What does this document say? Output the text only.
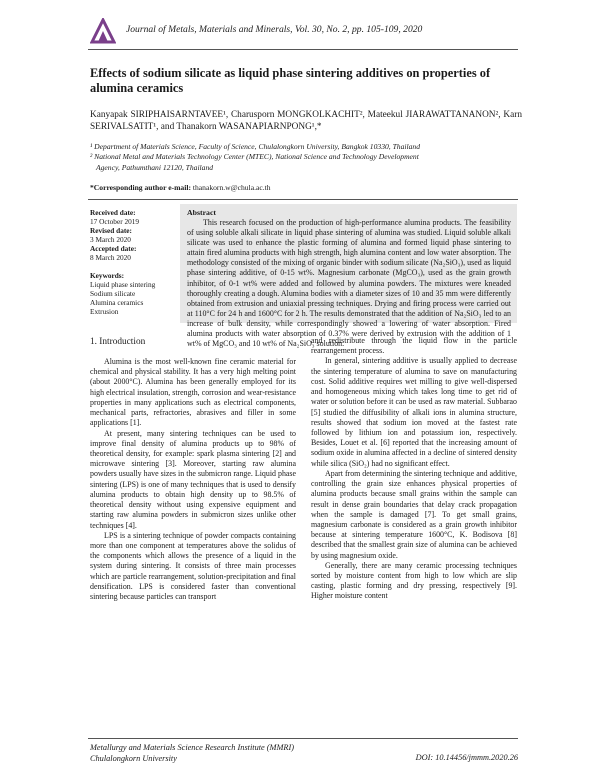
Journal of Metals, Materials and Minerals, Vol. 30, No. 2, pp. 105-109, 2020
Effects of sodium silicate as liquid phase sintering additives on properties of alumina ceramics
Kanyapak SIRIPHAISARNTAVEE¹, Charusporn MONGKOLKACHIT², Mateekul JIARAWATTANANON², Karn SERIVALSATIT¹, and Thanakorn WASANAPIARNPONG¹,*

¹ Department of Materials Science, Faculty of Science, Chulalongkorn University, Bangkok 10330, Thailand

² National Metal and Materials Technology Center (MTEC), National Science and Technology Development

Agency, Pathumthani 12120, Thailand

*Corresponding author e-mail: thanakorn.w@chula.ac.th
Received date:
17 October 2019
Revised date:
3 March 2020
Accepted date:
8 March 2020
Keywords:
Liquid phase sintering
Sodium silicate
Alumina ceramics
Extrusion
Abstract
This research focused on the production of high-performance alumina products. The feasibility of using soluble alkali silicate in liquid phase sintering of alumina was studied. Liquid soluble alkali silicate was used to enhance the plastic forming of alumina and formed liquid phase sintering to attain fired alumina products with high strength, high alumina content and low water absorption. The methodology consisted of the mixing of organic binder with sodium silicate (Na₂SiO₃), used as liquid phase sintering additive, of 0-15 wt%. Magnesium carbonate (MgCO₃), used as the grain growth inhibitor, of 0-1 wt% were added and followed by alumina powders. The mixtures were kneaded thoroughly creating a dough. Alumina bodies with a diameter sizes of 10 and 35 mm were differently obtained from extrusion and uniaxial pressing techniques. Drying and firing process were carried out at 110°C for 24 h and 1600°C for 2 h. The results demonstrated that the addition of Na₂SiO₃ led to an increase of bulk density, while correspondingly showed a lowering of water absorption. Fired alumina products with water absorption of 0.37% were derived by extrusion with the addition of 1 wt% of MgCO₃ and 10 wt% of Na₂SiO₃ solution.
1. Introduction

Alumina is the most well-known fine ceramic material for chemical and physical stability. It has a very high melting point (about 2000°C). Alumina has been generally employed for its high electrical insulation, strength, corrosion and wear-resistance properties in many applications such as electrical components, mechanical parts, refractories, abrasives and filler in some applications [1].

At present, many sintering techniques can be used to improve final density of alumina products up to 98% of theoretical density, for example: spark plasma sintering [2] and microwave sintering [3]. Moreover, starting raw alumina powders usually have sizes in the submicron range. Liquid phase sintering (LPS) is one of many techniques that is used to densify alumina products to obtain high density up to 98.5% of theoretical density without using expensive equipment and starting raw alumina powders in submicron sizes unlike other techniques [4].

LPS is a sintering technique of powder compacts containing more than one component at temperatures above the solidus of the components which allows the presence of a liquid in the system during sintering. It consists of three main processes which are particle rearrangement, solution-precipitation and final densification. LPS is considered faster than conventional sintering because particles can transport

and redistribute through the liquid flow in the particle rearrangement process.

In general, sintering additive is usually applied to decrease the sintering temperature of alumina to save on manufacturing cost. Solid additive requires wet milling to give well-dispersed and homogeneous mixing which takes long time to get rid of water or solution before it can be used as raw material. Subbarao [5] studied the diffusibility of alkali ions in alumina structure, results showed that sodium ion moved at the fastest rate followed by lithium ion and potassium ion, respectively. Besides, Louet et al. [6] reported that the increasing amount of sodium oxide in alumina affected in a decline of sintered density while silica (SiO₂) had no significant effect.

Apart from determining the sintering technique and additive, controlling the grain size enhances physical properties of alumina products because small grains within the sample can result in dense grain boundaries that delay crack propagation when the sample is damaged [7]. To get small grains, magnesium carbonate is considered as a grain growth inhibitor because at sintering temperature 1600°C, K. Bodisova [8] described that the smallest grain size of alumina can be achieved by using magnesium oxide.

Generally, there are many ceramic processing techniques sorted by moisture content from high to low which are slip casting, plastic forming and dry pressing, respectively [9]. Higher moisture content

Metallurgy and Materials Science Research Institute (MMRI)
Chulalongkorn University	DOI: 10.14456/jmmm.2020.26
